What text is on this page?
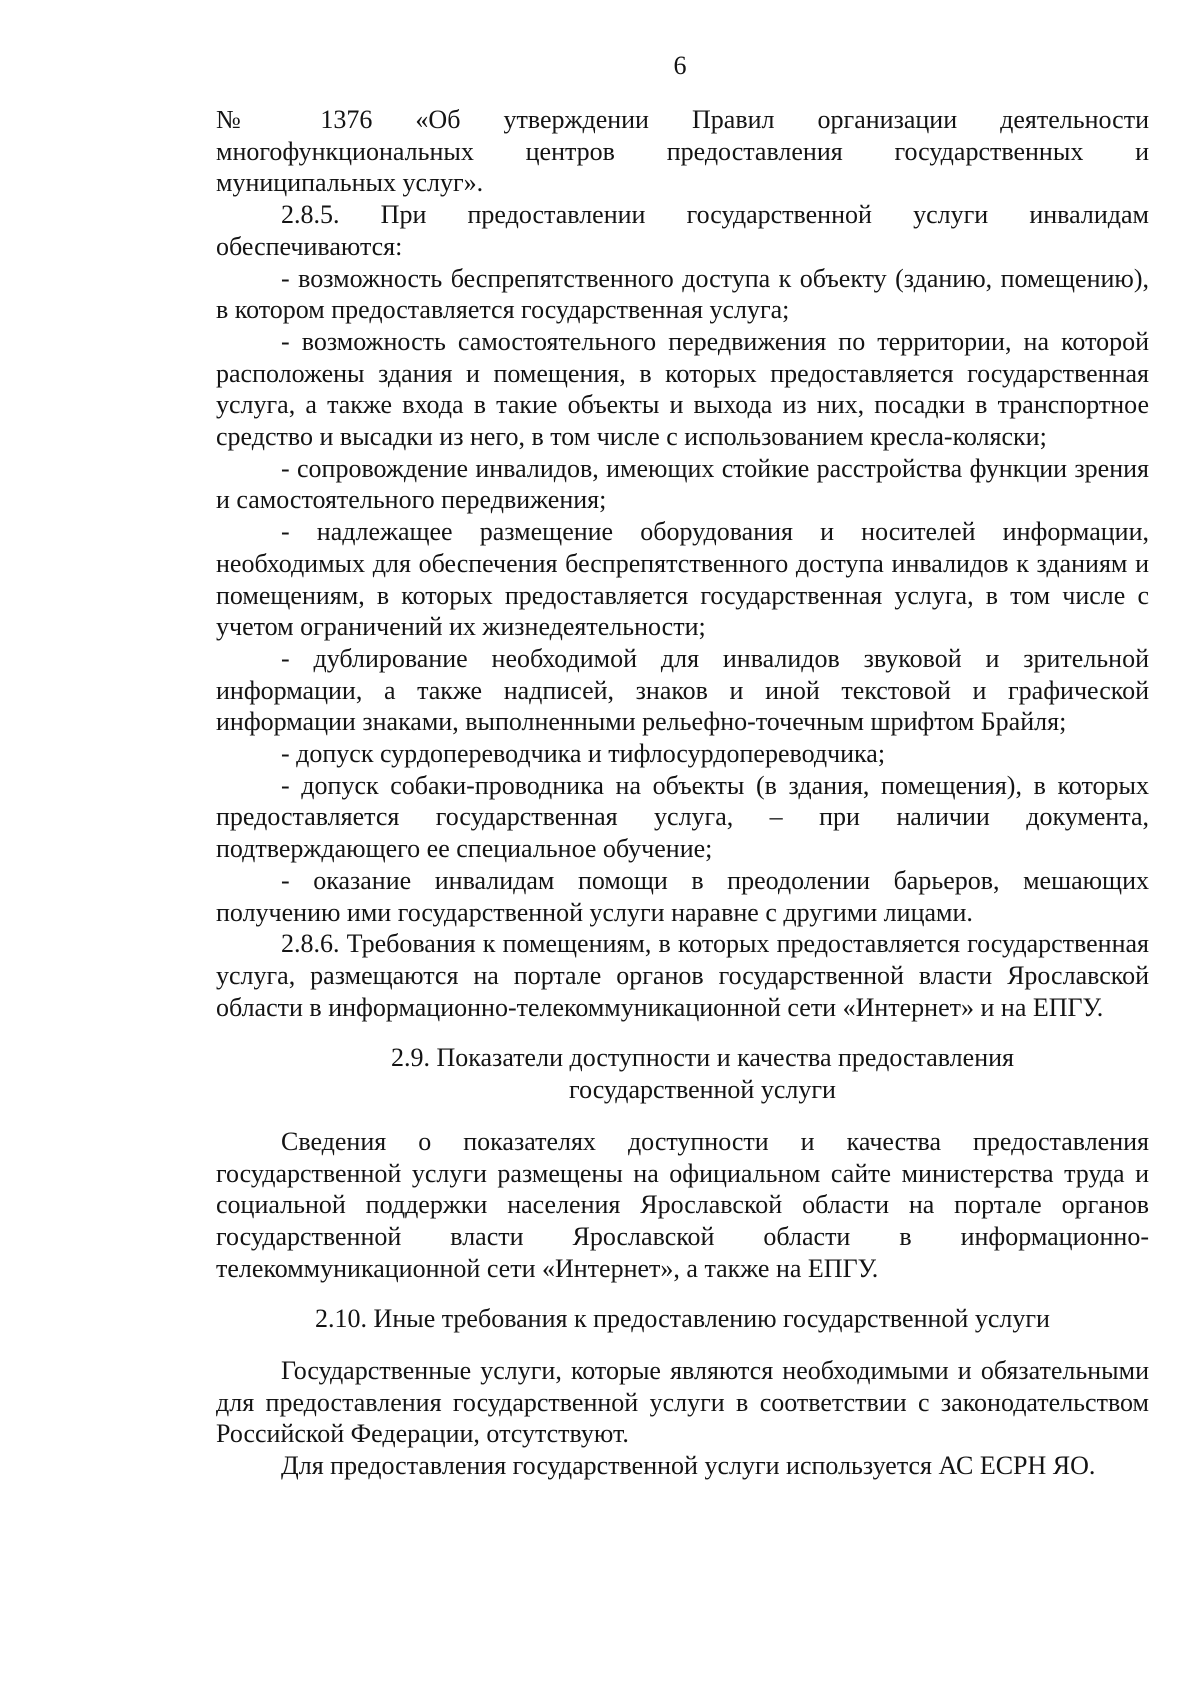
6

№ 1376 «Об утверждении Правил организации деятельности многофункциональных центров предоставления государственных и муниципальных услуг».

2.8.5. При предоставлении государственной услуги инвалидам обеспечиваются:

- возможность беспрепятственного доступа к объекту (зданию, помещению), в котором предоставляется государственная услуга;

- возможность самостоятельного передвижения по территории, на которой расположены здания и помещения, в которых предоставляется государственная услуга, а также входа в такие объекты и выхода из них, посадки в транспортное средство и высадки из него, в том числе с использованием кресла-коляски;

- сопровождение инвалидов, имеющих стойкие расстройства функции зрения и самостоятельного передвижения;

- надлежащее размещение оборудования и носителей информации, необходимых для обеспечения беспрепятственного доступа инвалидов к зданиям и помещениям, в которых предоставляется государственная услуга, в том числе с учетом ограничений их жизнедеятельности;

- дублирование необходимой для инвалидов звуковой и зрительной информации, а также надписей, знаков и иной текстовой и графической информации знаками, выполненными рельефно-точечным шрифтом Брайля;

- допуск сурдопереводчика и тифлосурдопереводчика;

- допуск собаки-проводника на объекты (в здания, помещения), в которых предоставляется государственная услуга, – при наличии документа, подтверждающего ее специальное обучение;

- оказание инвалидам помощи в преодолении барьеров, мешающих получению ими государственной услуги наравне с другими лицами.

2.8.6. Требования к помещениям, в которых предоставляется государственная услуга, размещаются на портале органов государственной власти Ярославской области в информационно-телекоммуникационной сети «Интернет» и на ЕПГУ.

2.9. Показатели доступности и качества предоставления

государственной услуги

Сведения о показателях доступности и качества предоставления государственной услуги размещены на официальном сайте министерства труда и социальной поддержки населения Ярославской области на портале органов государственной власти Ярославской области в информационно-телекоммуникационной сети «Интернет», а также на ЕПГУ.

2.10. Иные требования к предоставлению государственной услуги

Государственные услуги, которые являются необходимыми и обязательными для предоставления государственной услуги в соответствии с законодательством Российской Федерации, отсутствуют.

Для предоставления государственной услуги используется АС ЕСРН ЯО.
